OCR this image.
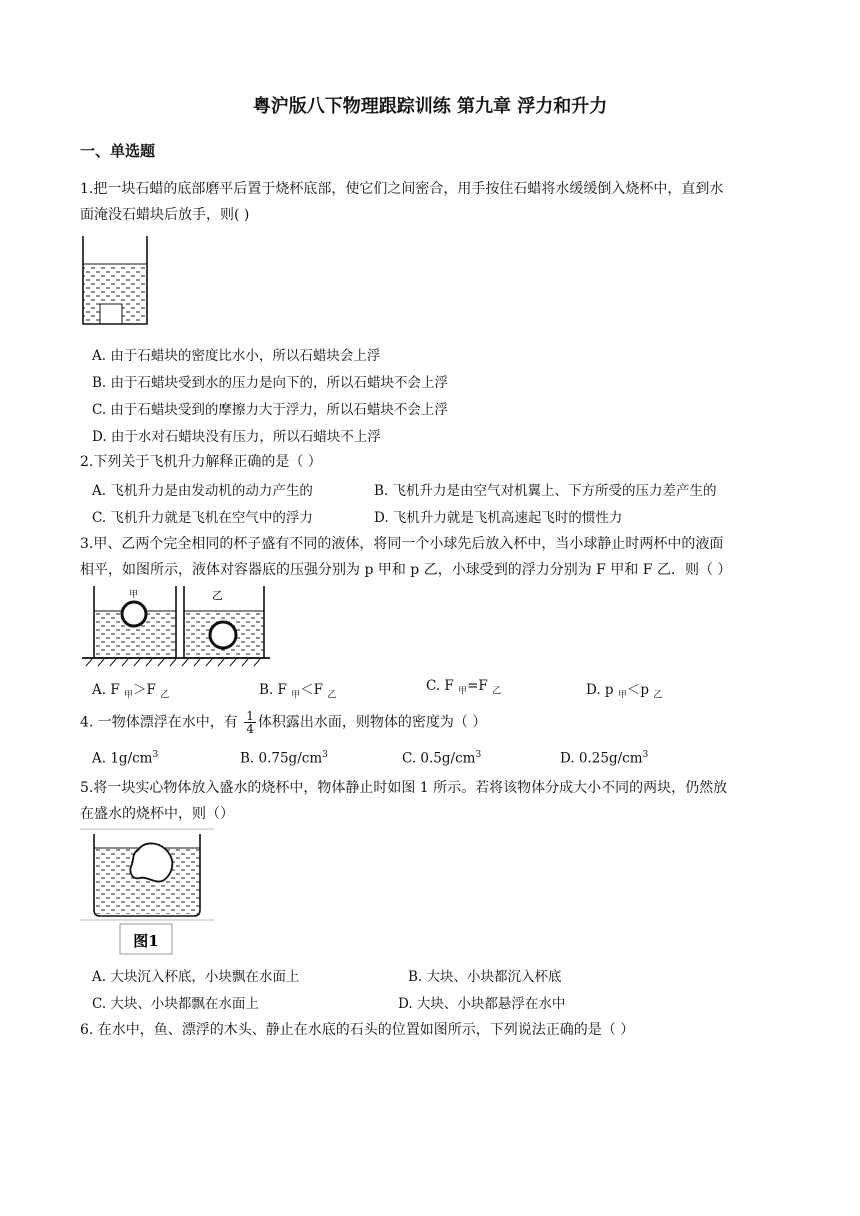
粤沪版八下物理跟踪训练 第九章 浮力和升力
一、单选题
1.把一块石蜡的底部磨平后置于烧杯底部，使它们之间密合，用手按住石蜡将水缓缓倒入烧杯中，直到水
面淹没石蜡块后放手，则( )
A. 由于石蜡块的密度比水小，所以石蜡块会上浮
B. 由于石蜡块受到水的压力是向下的，所以石蜡块不会上浮
C. 由于石蜡块受到的摩擦力大于浮力，所以石蜡块不会上浮
D. 由于水对石蜡块没有压力，所以石蜡块不上浮
2.下列关于飞机升力解释正确的是（ ）
A. 飞机升力是由发动机的动力产生的	B. 飞机升力是由空气对机翼上、下方所受的压力差产生的
C. 飞机升力就是飞机在空气中的浮力	D. 飞机升力就是飞机高速起飞时的惯性力
3.甲、乙两个完全相同的杯子盛有不同的液体，将同一个小球先后放入杯中，当小球静止时两杯中的液面
相平，如图所示，液体对容器底的压强分别为 p 甲和 p 乙，小球受到的浮力分别为 F 甲和 F 乙．则（ ）
甲	乙
A. F $_甲$＞F $_乙$	B. F $_甲$＜F $_乙$
C. F $_甲$=F $_乙$	D. p $_甲$＜p $_乙$
4. 一物体漂浮在水中，有 $\frac{1}{4}$ 体积露出水面，则物体的密度为（ ）
A. $1g/cm^3$	B. $0.75g/cm^3$	C. $0.5g/cm^3$	D. $0.25g/cm^3$
5.将一块实心物体放入盛水的烧杯中，物体静止时如图 1 所示。若将该物体分成大小不同的两块，仍然放
在盛水的烧杯中，则（）
图1
A. 大块沉入杯底，小块飘在水面上	B. 大块、小块都沉入杯底
C. 大块、小块都飘在水面上	D. 大块、小块都悬浮在水中
6. 在水中，鱼、漂浮的木头、静止在水底的石头的位置如图所示，下列说法正确的是（ ）
